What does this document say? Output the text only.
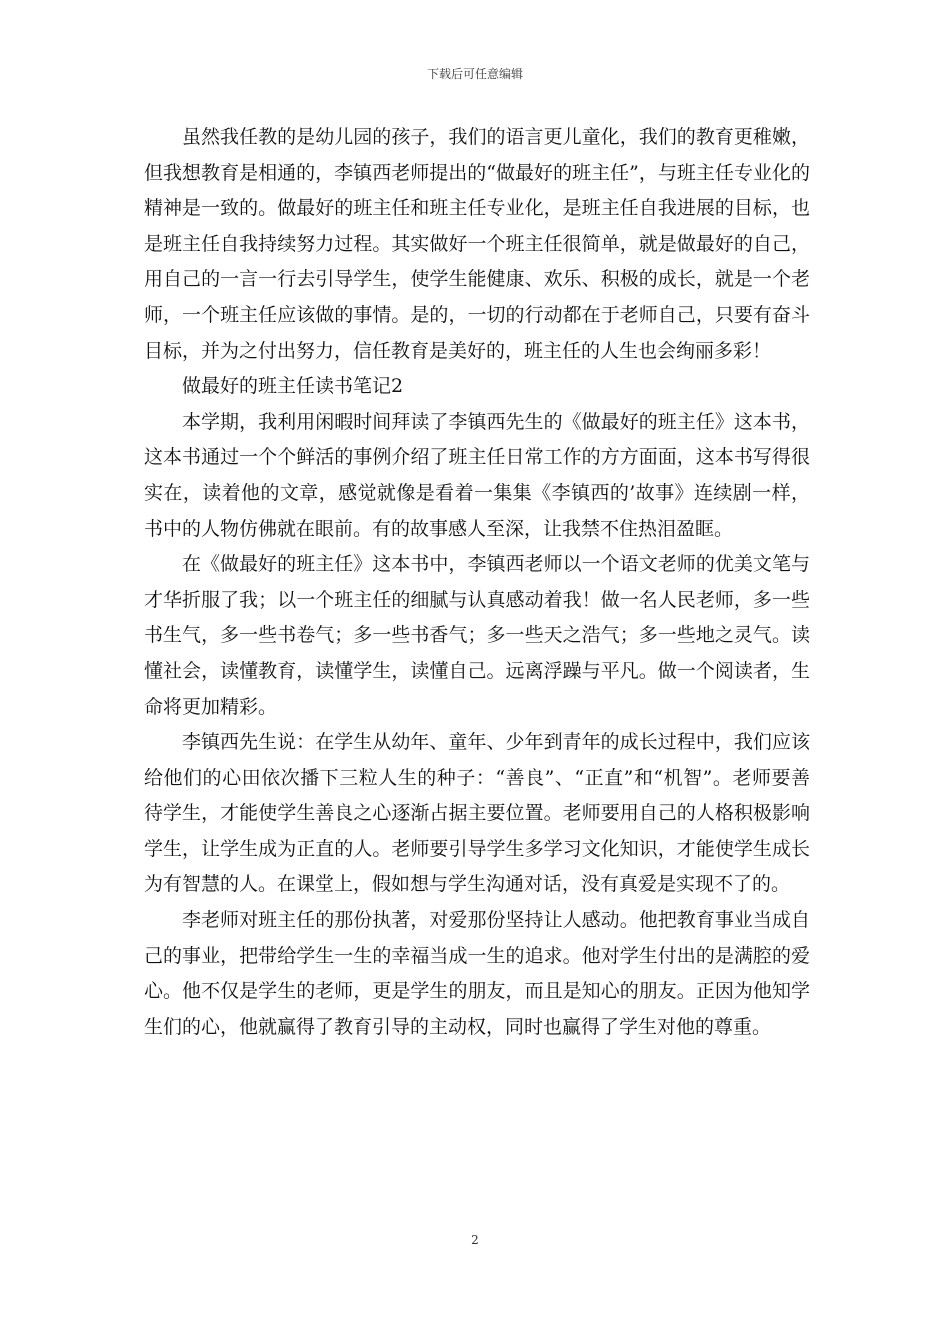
下载后可任意编辑

虽然我任教的是幼儿园的孩子，我们的语言更儿童化，我们的教育更稚嫩，但我想教育是相通的，李镇西老师提出的“做最好的班主任”，与班主任专业化的精神是一致的。做最好的班主任和班主任专业化，是班主任自我进展的目标，也是班主任自我持续努力过程。其实做好一个班主任很简单，就是做最好的自己，用自己的一言一行去引导学生，使学生能健康、欢乐、积极的成长，就是一个老师，一个班主任应该做的事情。是的，一切的行动都在于老师自己，只要有奋斗目标，并为之付出努力，信任教育是美好的，班主任的人生也会绚丽多彩！

做最好的班主任读书笔记2

本学期，我利用闲暇时间拜读了李镇西先生的《做最好的班主任》这本书，这本书通过一个个鲜活的事例介绍了班主任日常工作的方方面面，这本书写得很实在，读着他的文章，感觉就像是看着一集集《李镇西的’故事》连续剧一样，书中的人物仿佛就在眼前。有的故事感人至深，让我禁不住热泪盈眶。

在《做最好的班主任》这本书中，李镇西老师以一个语文老师的优美文笔与才华折服了我；以一个班主任的细腻与认真感动着我！做一名人民老师，多一些书生气，多一些书卷气；多一些书香气；多一些天之浩气；多一些地之灵气。读懂社会，读懂教育，读懂学生，读懂自己。远离浮躁与平凡。做一个阅读者，生命将更加精彩。

李镇西先生说：在学生从幼年、童年、少年到青年的成长过程中，我们应该给他们的心田依次播下三粒人生的种子：“善良”、“正直”和“机智”。老师要善待学生，才能使学生善良之心逐渐占据主要位置。老师要用自己的人格积极影响学生，让学生成为正直的人。老师要引导学生多学习文化知识，才能使学生成长为有智慧的人。在课堂上，假如想与学生沟通对话，没有真爱是实现不了的。

李老师对班主任的那份执著，对爱那份坚持让人感动。他把教育事业当成自己的事业，把带给学生一生的幸福当成一生的追求。他对学生付出的是满腔的爱心。他不仅是学生的老师，更是学生的朋友，而且是知心的朋友。正因为他知学生们的心，他就赢得了教育引导的主动权，同时也赢得了学生对他的尊重。

2
